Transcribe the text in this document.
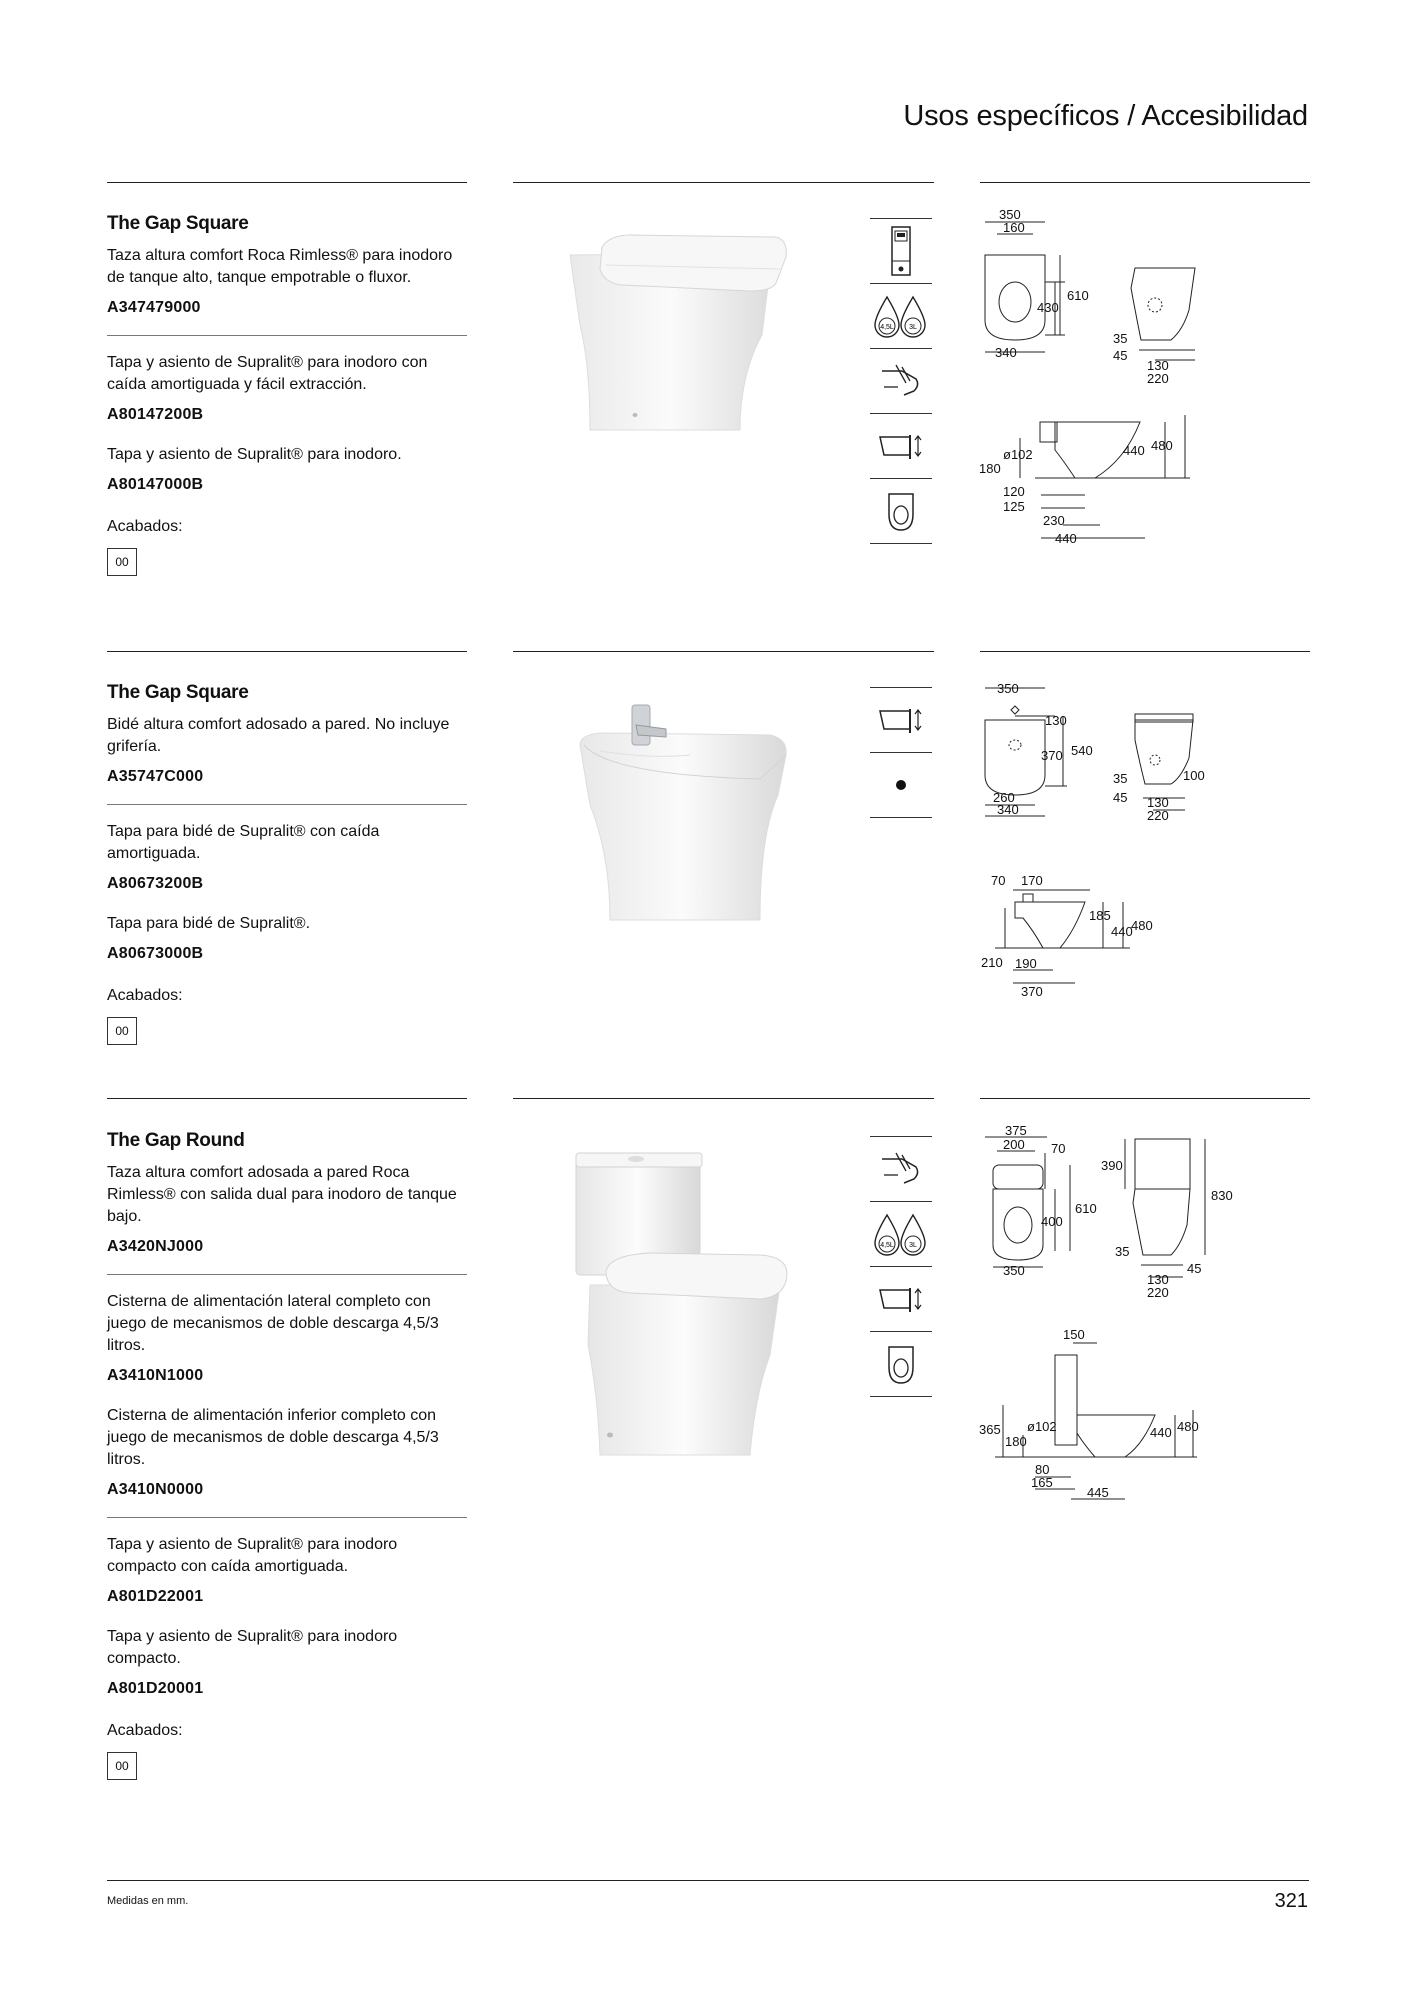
Usos específicos / Accesibilidad
The Gap Square

Taza altura comfort Roca Rimless® para inodoro de tanque alto, tanque empotrable o fluxor.

A347479000

Tapa y asiento de Supralit® para inodoro con caída amortiguada y fácil extracción.

A80147200B

Tapa y asiento de Supralit® para inodoro.

A80147000B
Acabados:
00
4,5L 3L
350
160
610
430
340
35
45
130
220
ø102
180
120
125
230
440
440 480
The Gap Square

Bidé altura comfort adosado a pared. No incluye grifería.

A35747C000

Tapa para bidé de Supralit® con caída amortiguada.

A80673200B

Tapa para bidé de Supralit®.

A80673000B
Acabados:
00
350
130
540
370
260
340
35	100
45 130
220
70 170
185
440
480
210 190
370
The Gap Round

Taza altura comfort adosada a pared Roca Rimless® con salida dual para inodoro de tanque bajo.

A3420NJ000

Cisterna de alimentación lateral completo con juego de mecanismos de doble descarga 4,5/3 litros.

A3410N1000

Cisterna de alimentación inferior completo con juego de mecanismos de doble descarga 4,5/3 litros.

A3410N0000

Tapa y asiento de Supralit® para inodoro compacto con caída amortiguada.

A801D22001

Tapa y asiento de Supralit® para inodoro compacto.

A801D20001
Acabados:
00
4,5L 3L
375
200 70
610
400
350
390
830
35
45
130
220
150
365 ø102
180
440 480
80
165
445
Medidas en mm.	321
